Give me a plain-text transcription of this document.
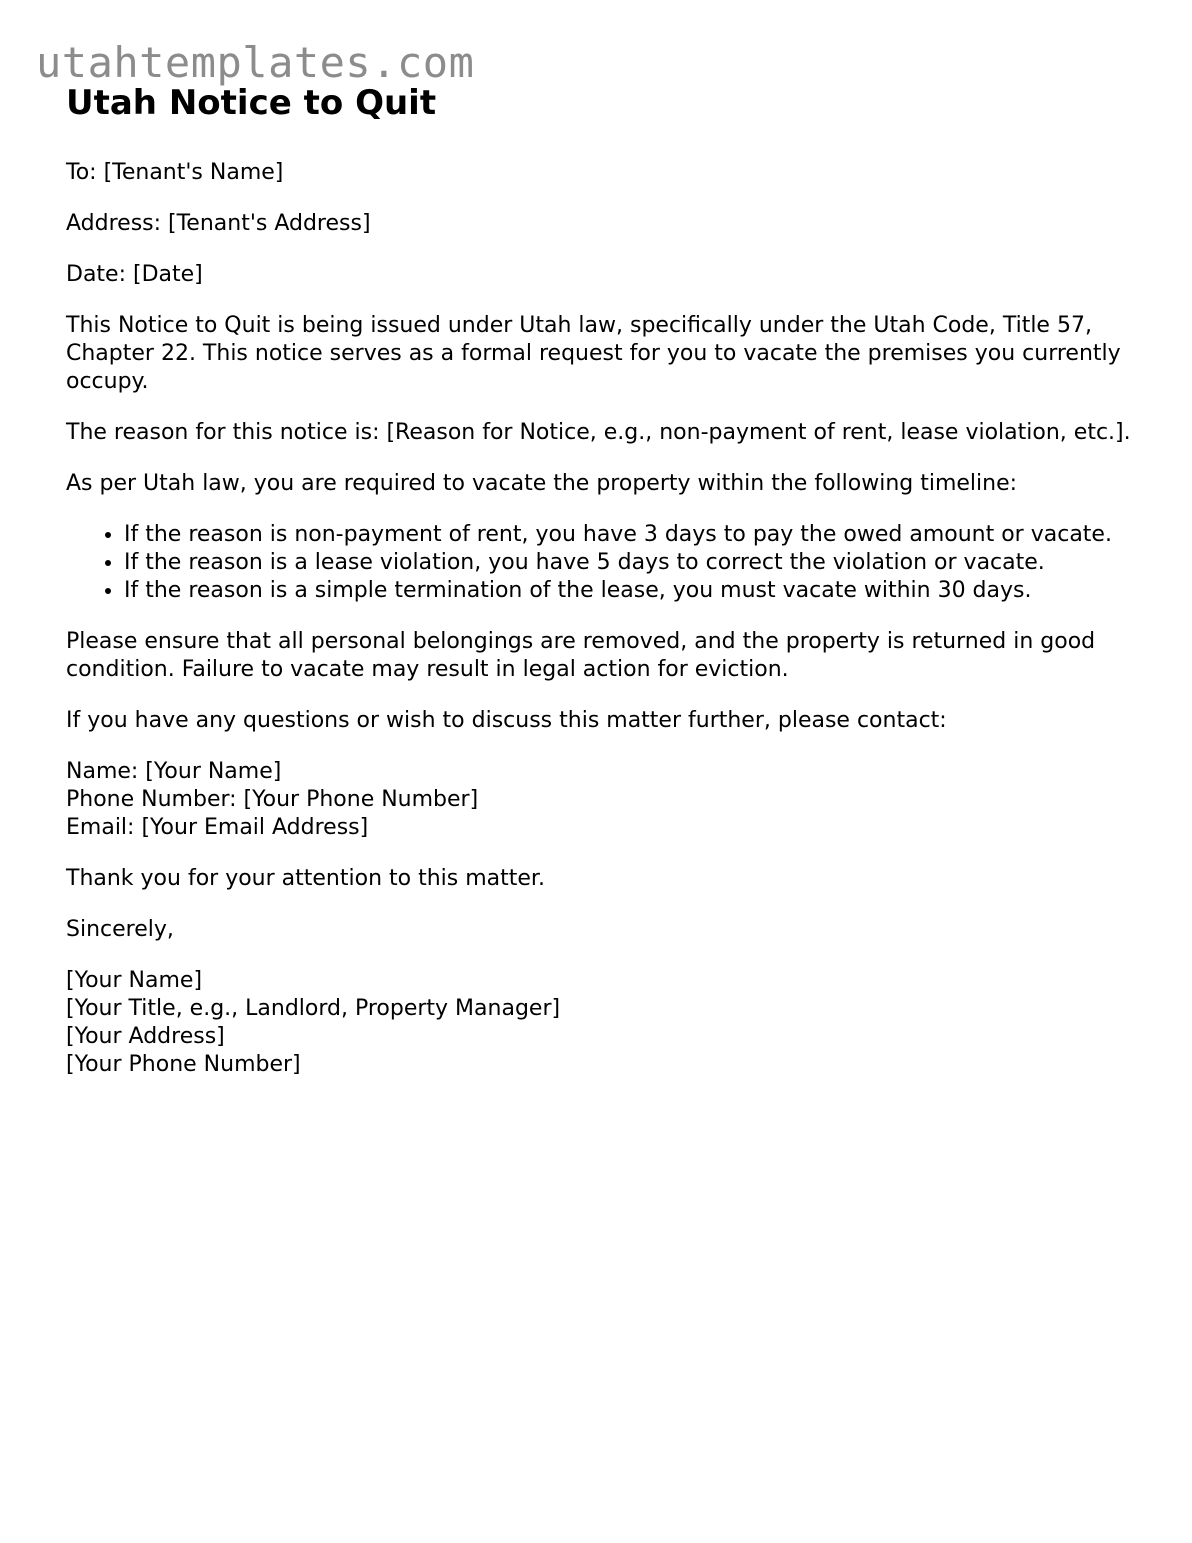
utahtemplates.com
Utah Notice to Quit

To: [Tenant's Name]

Address: [Tenant's Address]

Date: [Date]

This Notice to Quit is being issued under Utah law, specifically under the Utah Code, Title 57, Chapter 22. This notice serves as a formal request for you to vacate the premises you currently occupy.

The reason for this notice is: [Reason for Notice, e.g., non-payment of rent, lease violation, etc.].

As per Utah law, you are required to vacate the property within the following timeline:

• If the reason is non-payment of rent, you have 3 days to pay the owed amount or vacate.
• If the reason is a lease violation, you have 5 days to correct the violation or vacate.
• If the reason is a simple termination of the lease, you must vacate within 30 days.

Please ensure that all personal belongings are removed, and the property is returned in good condition. Failure to vacate may result in legal action for eviction.

If you have any questions or wish to discuss this matter further, please contact:

Name: [Your Name]
Phone Number: [Your Phone Number]
Email: [Your Email Address]

Thank you for your attention to this matter.

Sincerely,

[Your Name]
[Your Title, e.g., Landlord, Property Manager]
[Your Address]
[Your Phone Number]
